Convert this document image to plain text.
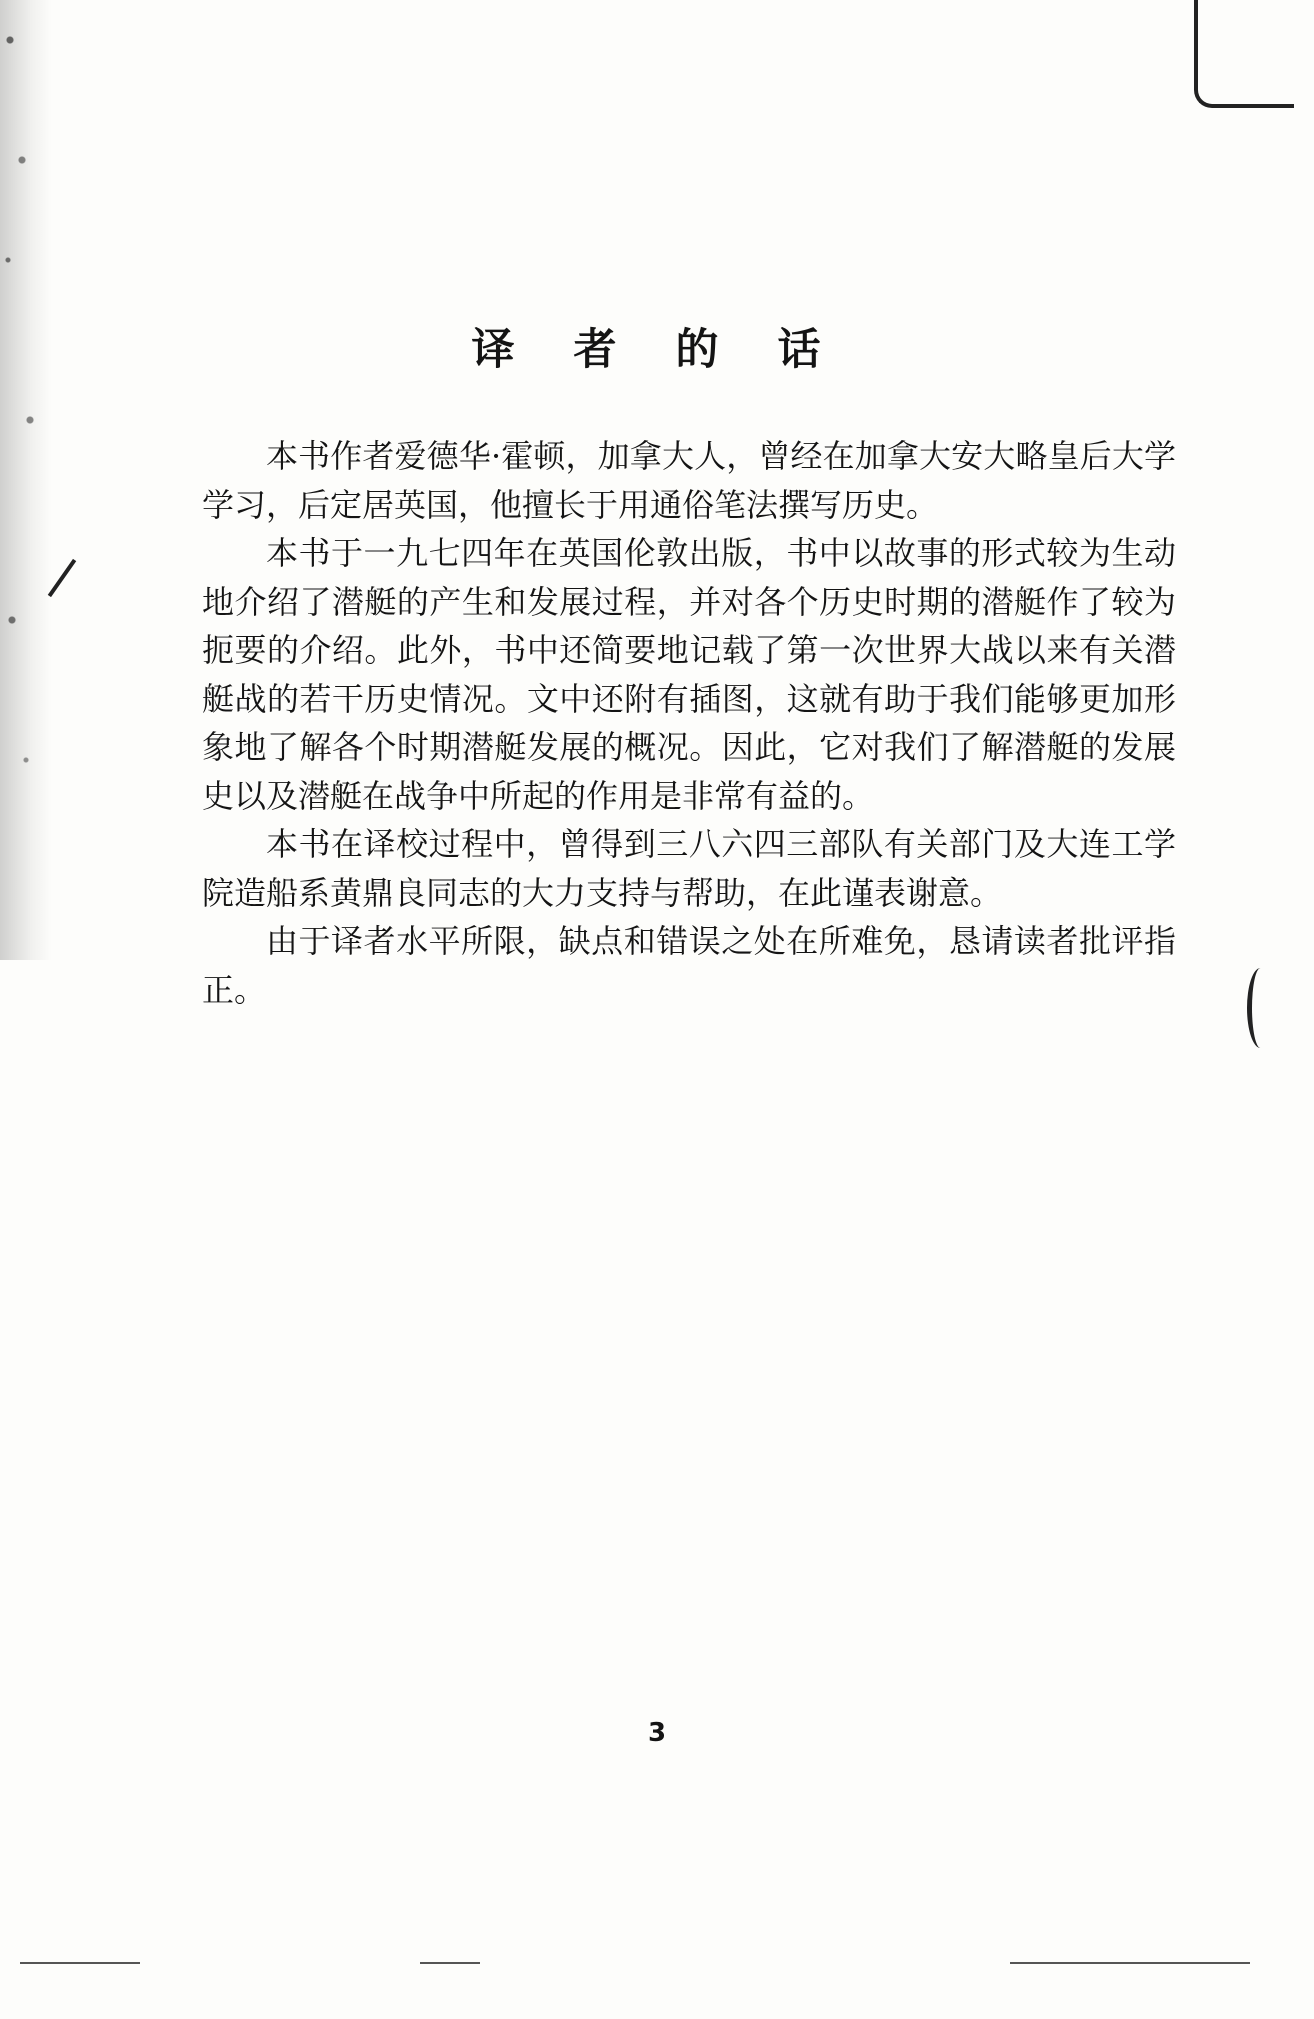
译 者 的 话

本书作者爱德华·霍顿，加拿大人，曾经在加拿大安大略皇后大学学习，后定居英国，他擅长于用通俗笔法撰写历史。

本书于一九七四年在英国伦敦出版，书中以故事的形式较为生动地介绍了潜艇的产生和发展过程，并对各个历史时期的潜艇作了较为扼要的介绍。此外，书中还简要地记载了第一次世界大战以来有关潜艇战的若干历史情况。文中还附有插图，这就有助于我们能够更加形象地了解各个时期潜艇发展的概况。因此，它对我们了解潜艇的发展史以及潜艇在战争中所起的作用是非常有益的。

本书在译校过程中，曾得到三八六四三部队有关部门及大连工学院造船系黄鼎良同志的大力支持与帮助，在此谨表谢意。

由于译者水平所限，缺点和错误之处在所难免，恳请读者批评指正。

3
